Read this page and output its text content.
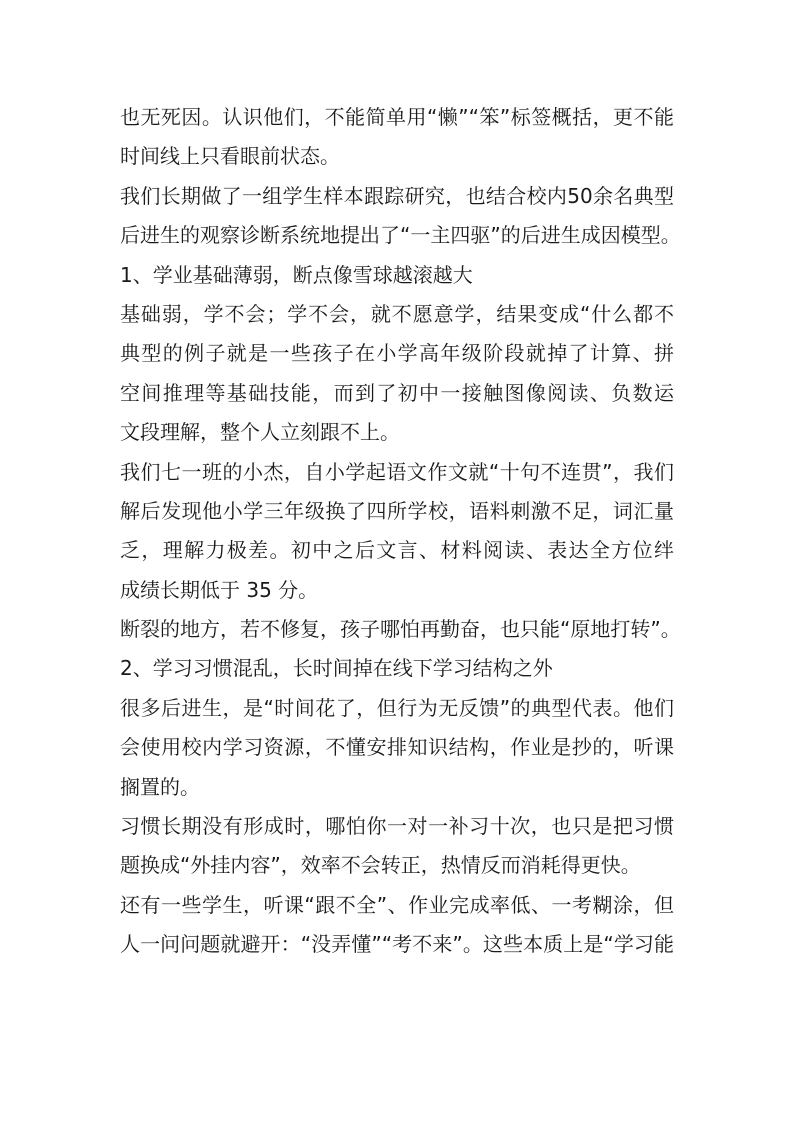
也无死因。认识他们，不能简单用“懒”“笨”标签概括，更不能
时间线上只看眼前状态。
我们长期做了一组学生样本跟踪研究，也结合校内50余名典型
后进生的观察诊断系统地提出了“一主四驱”的后进生成因模型。
1、学业基础薄弱，断点像雪球越滚越大
基础弱，学不会；学不会，就不愿意学，结果变成“什么都不
典型的例子就是一些孩子在小学高年级阶段就掉了计算、拼
空间推理等基础技能，而到了初中一接触图像阅读、负数运
文段理解，整个人立刻跟不上。
我们七一班的小杰，自小学起语文作文就“十句不连贯”，我们
解后发现他小学三年级换了四所学校，语料刺激不足，词汇量
乏，理解力极差。初中之后文言、材料阅读、表达全方位绊
成绩长期低于 35 分。
断裂的地方，若不修复，孩子哪怕再勤奋，也只能“原地打转”。
2、学习习惯混乱，长时间掉在线下学习结构之外
很多后进生，是“时间花了，但行为无反馈”的典型代表。他们
会使用校内学习资源，不懂安排知识结构，作业是抄的，听课
搁置的。
习惯长期没有形成时，哪怕你一对一补习十次，也只是把习惯
题换成“外挂内容”，效率不会转正，热情反而消耗得更快。
还有一些学生，听课“跟不全”、作业完成率低、一考糊涂，但
人一问问题就避开：“没弄懂”“考不来”。这些本质上是“学习能
